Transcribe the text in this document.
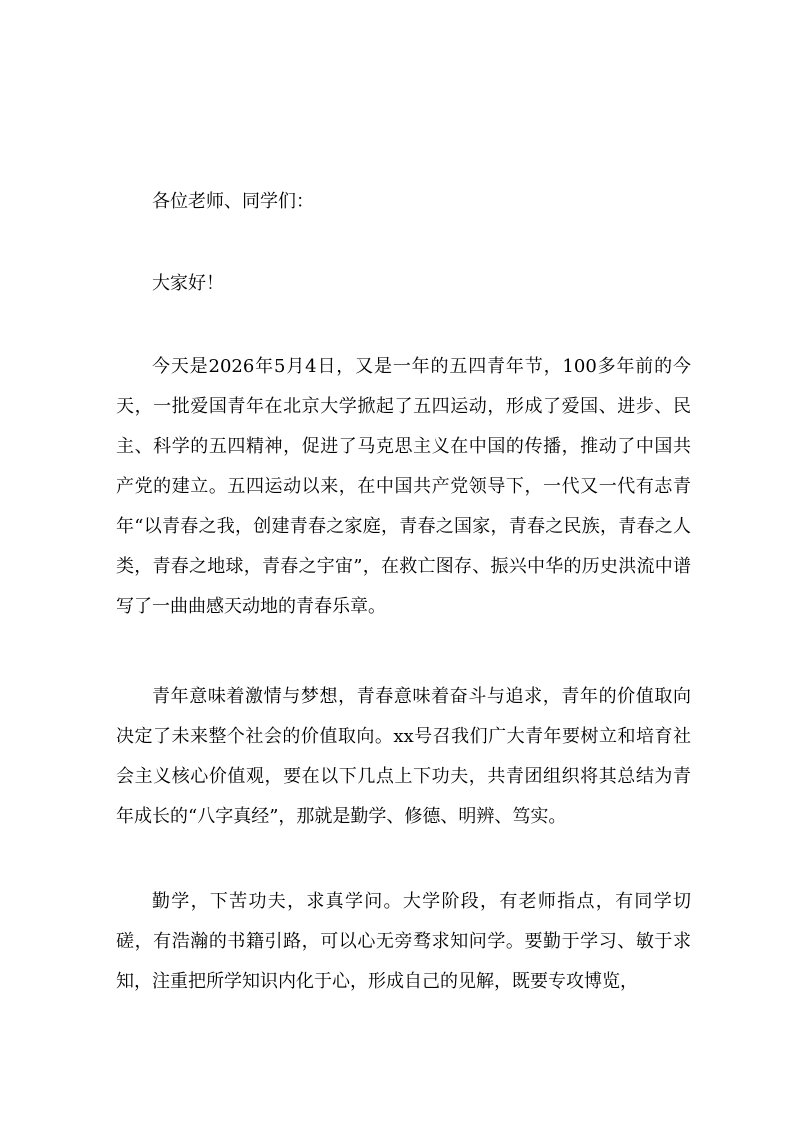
各位老师、同学们：

大家好！

今天是2026年5月4日，又是一年的五四青年节，100多年前的今天，一批爱国青年在北京大学掀起了五四运动，形成了爱国、进步、民主、科学的五四精神，促进了马克思主义在中国的传播，推动了中国共产党的建立。五四运动以来，在中国共产党领导下，一代又一代有志青年“以青春之我，创建青春之家庭，青春之国家，青春之民族，青春之人类，青春之地球，青春之宇宙”，在救亡图存、振兴中华的历史洪流中谱写了一曲曲感天动地的青春乐章。

青年意味着激情与梦想，青春意味着奋斗与追求，青年的价值取向决定了未来整个社会的价值取向。xx号召我们广大青年要树立和培育社会主义核心价值观，要在以下几点上下功夫，共青团组织将其总结为青年成长的“八字真经”，那就是勤学、修德、明辨、笃实。

勤学，下苦功夫，求真学问。大学阶段，有老师指点，有同学切磋，有浩瀚的书籍引路，可以心无旁骛求知问学。要勤于学习、敏于求知，注重把所学知识内化于心，形成自己的见解，既要专攻博览，
